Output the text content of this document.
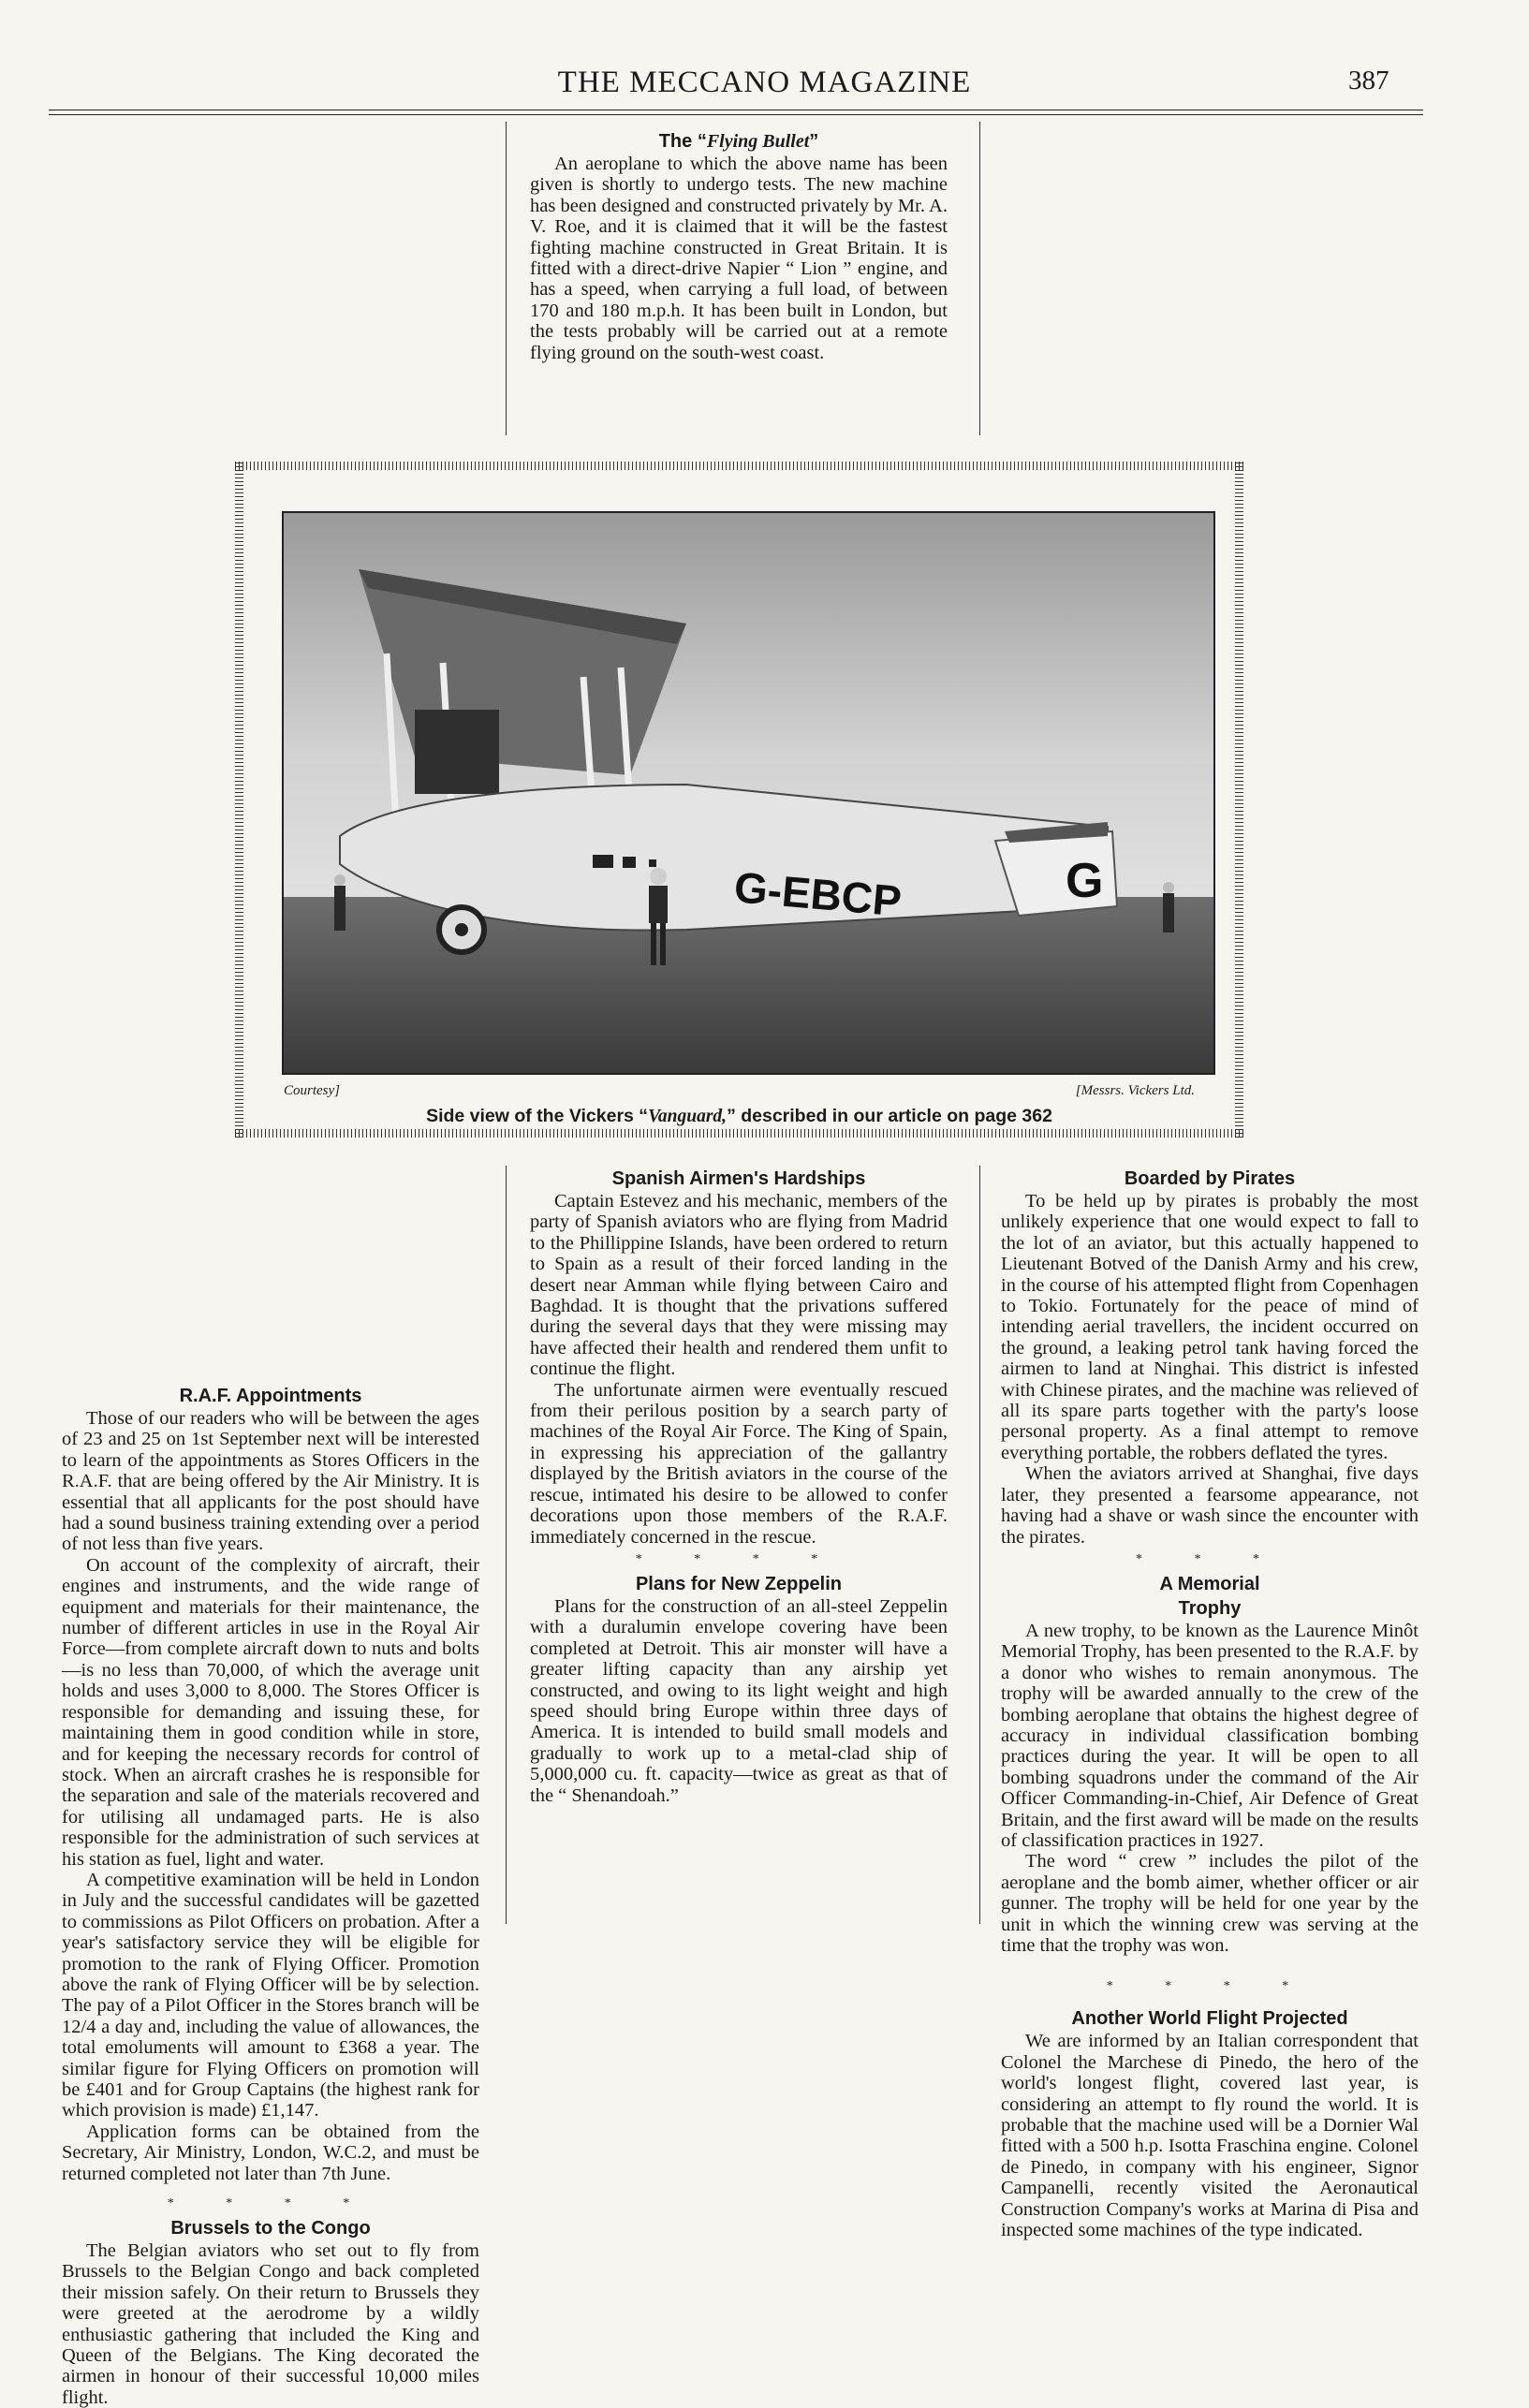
THE MECCANO MAGAZINE	387
R.A.F. Appointments

Those of our readers who will be between the ages of 23 and 25 on 1st September next will be interested to learn of the appointments as Stores Officers in the R.A.F. that are being offered by the Air Ministry. It is essential that all applicants for the post should have had a sound business training extending over a period of not less than five years.

On account of the complexity of aircraft, their engines and instruments, and the wide range of equipment and materials for their maintenance, the number of different articles in use in the Royal Air Force—from complete aircraft down to nuts and bolts—is no less than 70,000, of which the average unit holds and uses 3,000 to 8,000. The Stores Officer is responsible for demanding and issuing these, for maintaining them in good condition while in store, and for keeping the necessary records for control of stock. When an aircraft crashes he is responsible for the separation and sale of the materials recovered and for utilising all undamaged parts. He is also responsible for the administration of such services at his station as fuel, light and water.

A competitive examination will be held in London in July and the successful candidates will be gazetted to commissions as Pilot Officers on probation. After a year's satisfactory service they will be eligible for promotion to the rank of Flying Officer. Promotion above the rank of Flying Officer will be by selection. The pay of a Pilot Officer in the Stores branch will be 12/4 a day and, including the value of allowances, the total emoluments will amount to £368 a year. The similar figure for Flying Officers on promotion will be £401 and for Group Captains (the highest rank for which provision is made) £1,147.

Application forms can be obtained from the Secretary, Air Ministry, London, W.C.2, and must be returned completed not later than 7th June.

* * * *
Brussels to the Congo

The Belgian aviators who set out to fly from Brussels to the Belgian Congo and back completed their mission safely. On their return to Brussels they were greeted at the aerodrome by a wildly enthusiastic gathering that included the King and Queen of the Belgians. The King decorated the airmen in honour of their successful 10,000 miles flight.

The “Flying Bullet”

An aeroplane to which the above name has been given is shortly to undergo tests. The new machine has been designed and constructed privately by Mr. A. V. Roe, and it is claimed that it will be the fastest fighting machine constructed in Great Britain. It is fitted with a direct-drive Napier “ Lion ” engine, and has a speed, when carrying a full load, of between 170 and 180 m.p.h. It has been built in London, but the tests probably will be carried out at a remote flying ground on the south-west coast.

Spanish Airmen's Hardships

Captain Estevez and his mechanic, members of the party of Spanish aviators who are flying from Madrid to the Phillippine Islands, have been ordered to return to Spain as a result of their forced landing in the desert near Amman while flying between Cairo and Baghdad. It is thought that the privations suffered during the several days that they were missing may have affected their health and rendered them unfit to continue the flight.

The unfortunate airmen were eventually rescued from their perilous position by a search party of machines of the Royal Air Force. The King of Spain, in expressing his appreciation of the gallantry displayed by the British aviators in the course of the rescue, intimated his desire to be allowed to confer decorations upon those members of the R.A.F. immediately concerned in the rescue.

* * * *
Plans for New Zeppelin

Plans for the construction of an all-steel Zeppelin with a duralumin envelope covering have been completed at Detroit. This air monster will have a greater lifting capacity than any airship yet constructed, and owing to its light weight and high speed should bring Europe within three days of America. It is intended to build small models and gradually to work up to a metal-clad ship of 5,000,000 cu. ft. capacity—twice as great as that of the “ Shenandoah.”

Boarded by Pirates

To be held up by pirates is probably the most unlikely experience that one would expect to fall to the lot of an aviator, but this actually happened to Lieutenant Botved of the Danish Army and his crew, in the course of his attempted flight from Copenhagen to Tokio. Fortunately for the peace of mind of intending aerial travellers, the incident occurred on the ground, a leaking petrol tank having forced the airmen to land at Ninghai. This district is infested with Chinese pirates, and the machine was relieved of all its spare parts together with the party's loose personal property. As a final attempt to remove everything portable, the robbers deflated the tyres.

When the aviators arrived at Shanghai, five days later, they presented a fearsome appearance, not having had a shave or wash since the encounter with the pirates.

* * *
A Memorial
Trophy

A new trophy, to be known as the Laurence Minôt Memorial Trophy, has been presented to the R.A.F. by a donor who wishes to remain anonymous. The trophy will be awarded annually to the crew of the bombing aeroplane that obtains the highest degree of accuracy in individual classification bombing practices during the year. It will be open to all bombing squadrons under the command of the Air Officer Commanding-in-Chief, Air Defence of Great Britain, and the first award will be made on the results of classification practices in 1927.

The word “ crew ” includes the pilot of the aeroplane and the bomb aimer, whether officer or air gunner. The trophy will be held for one year by the unit in which the winning crew was serving at the time that the trophy was won.

* * * *
Another World Flight Projected

We are informed by an Italian correspondent that Colonel the Marchese di Pinedo, the hero of the world's longest flight, covered last year, is considering an attempt to fly round the world. It is probable that the machine used will be a Dornier Wal fitted with a 500 h.p. Isotta Fraschina engine. Colonel de Pinedo, in company with his engineer, Signor Campanelli, recently visited the Aeronautical Construction Company's works at Marina di Pisa and inspected some machines of the type indicated.

G-EBCP	G
Courtesy]	[Messrs. Vickers Ltd.
Side view of the Vickers “Vanguard,” described in our article on page 362
